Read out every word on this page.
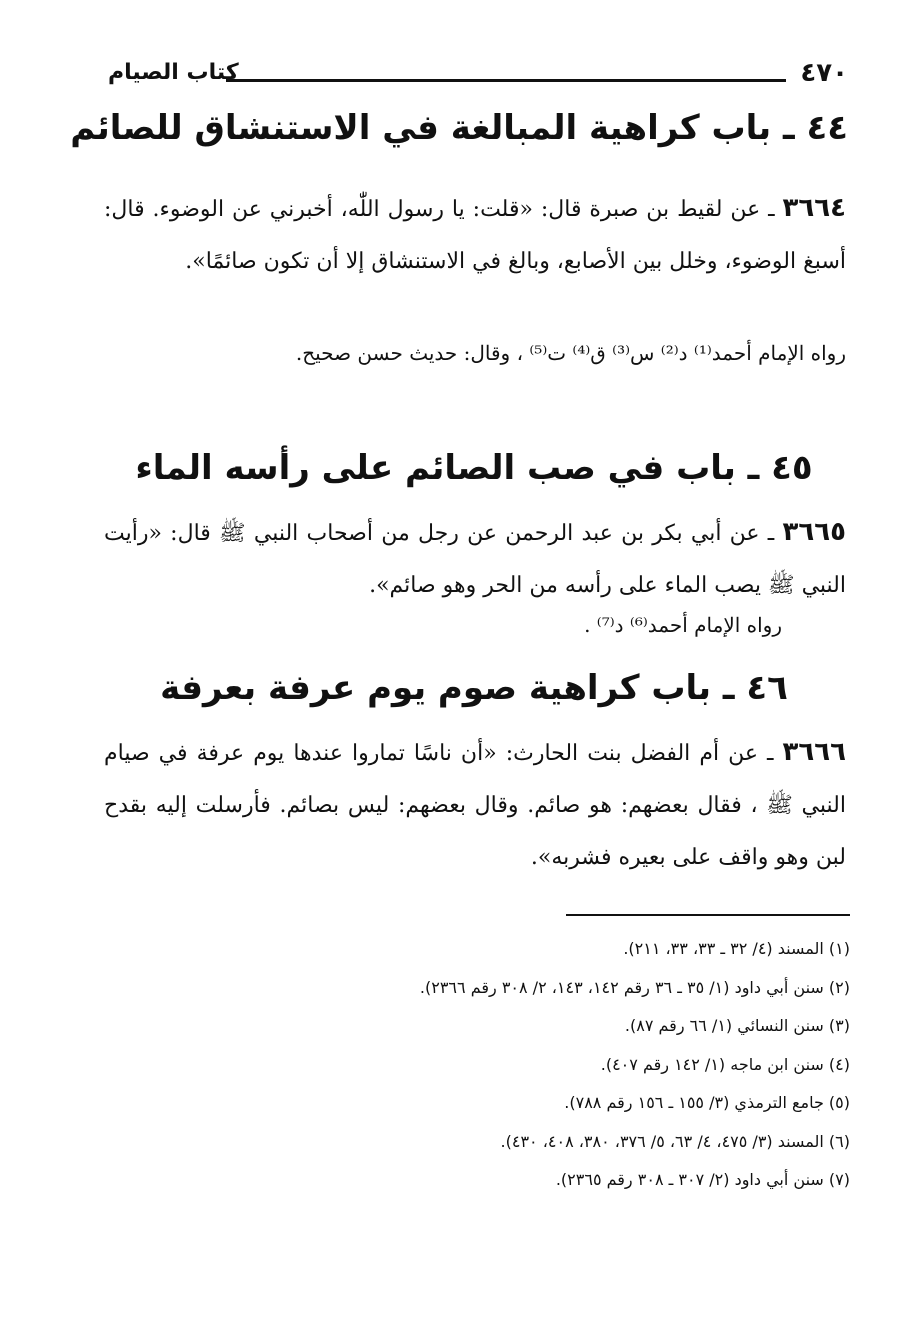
٤٧٠
كتاب الصيام
٤٤ ـ باب كراهية المبالغة في الاستنشاق للصائم
٣٦٦٤ ـ عن لقيط بن صبرة قال: «قلت: يا رسول اللّٰه، أخبرني عن الوضوء. قال: أسبغ الوضوء، وخلل بين الأصابع، وبالغ في الاستنشاق إلا أن تكون صائمًا».
رواه الإمام أحمد⁽¹⁾ د⁽²⁾ س⁽³⁾ ق⁽⁴⁾ ت⁽⁵⁾ ، وقال: حديث حسن صحيح.
٤٥ ـ باب في صب الصائم على رأسه الماء
٣٦٦٥ ـ عن أبي بكر بن عبد الرحمن عن رجل من أصحاب النبي ﷺ قال: «رأيت النبي ﷺ يصب الماء على رأسه من الحر وهو صائم».
رواه الإمام أحمد⁽⁶⁾ د⁽⁷⁾ .
٤٦ ـ باب كراهية صوم يوم عرفة بعرفة
٣٦٦٦ ـ عن أم الفضل بنت الحارث: «أن ناسًا تماروا عندها يوم عرفة في صيام النبي ﷺ ، فقال بعضهم: هو صائم. وقال بعضهم: ليس بصائم. فأرسلت إليه بقدح لبن وهو واقف على بعيره فشربه».
(١) المسند (٤/ ٣٢ ـ ٣٣، ٣٣، ٢١١).
(٢) سنن أبي داود (١/ ٣٥ ـ ٣٦ رقم ١٤٢، ١٤٣، ٢/ ٣٠٨ رقم ٢٣٦٦).
(٣) سنن النسائي (١/ ٦٦ رقم ٨٧).
(٤) سنن ابن ماجه (١/ ١٤٢ رقم ٤٠٧).
(٥) جامع الترمذي (٣/ ١٥٥ ـ ١٥٦ رقم ٧٨٨).
(٦) المسند (٣/ ٤٧٥، ٤/ ٦٣، ٥/ ٣٧٦، ٣٨٠، ٤٠٨، ٤٣٠).
(٧) سنن أبي داود (٢/ ٣٠٧ ـ ٣٠٨ رقم ٢٣٦٥).
